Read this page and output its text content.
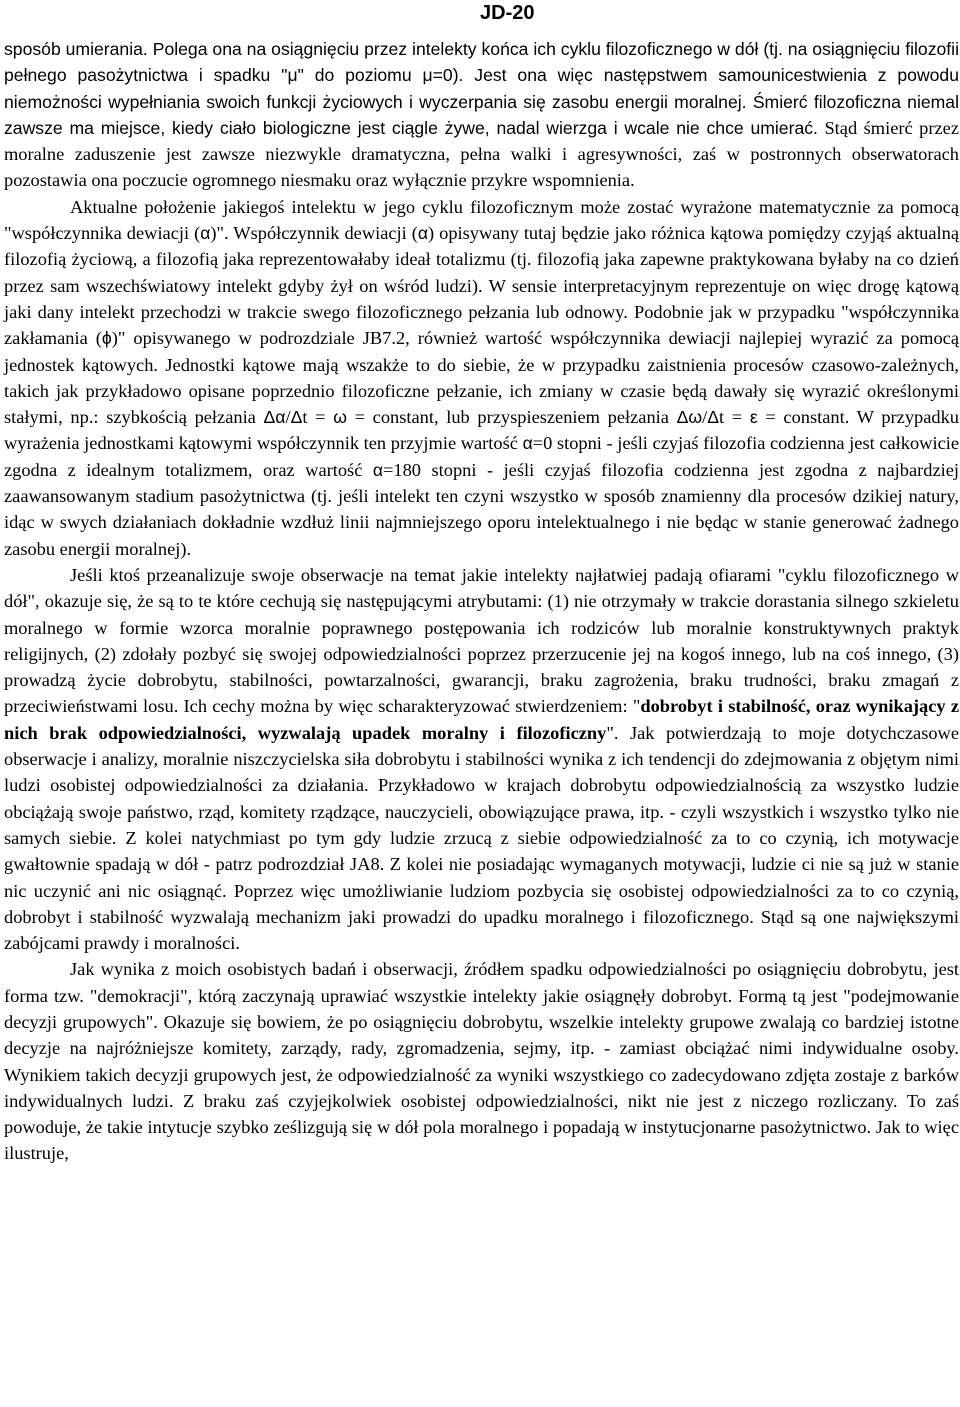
JD-20

sposób umierania. Polega ona na osiągnięciu przez intelekty końca ich cyklu filozoficznego w dół (tj. na osiągnięciu filozofii pełnego pasożytnictwa i spadku "μ" do poziomu μ=0). Jest ona więc następstwem samounicestwienia z powodu niemożności wypełniania swoich funkcji życiowych i wyczerpania się zasobu energii moralnej. Śmierć filozoficzna niemal zawsze ma miejsce, kiedy ciało biologiczne jest ciągle żywe, nadal wierzga i wcale nie chce umierać. Stąd śmierć przez moralne zaduszenie jest zawsze niezwykle dramatyczna, pełna walki i agresywności, zaś w postronnych obserwatorach pozostawia ona poczucie ogromnego niesmaku oraz wyłącznie przykre wspomnienia.

Aktualne położenie jakiegoś intelektu w jego cyklu filozoficznym może zostać wyrażone matematycznie za pomocą "współczynnika dewiacji (α)". Współczynnik dewiacji (α) opisywany tutaj będzie jako różnica kątowa pomiędzy czyjąś aktualną filozofią życiową, a filozofią jaka reprezentowałaby ideał totalizmu (tj. filozofią jaka zapewne praktykowana byłaby na co dzień przez sam wszechświatowy intelekt gdyby żył on wśród ludzi). W sensie interpretacyjnym reprezentuje on więc drogę kątową jaki dany intelekt przechodzi w trakcie swego filozoficznego pełzania lub odnowy. Podobnie jak w przypadku "współczynnika zakłamania (ϕ)" opisywanego w podrozdziale JB7.2, również wartość współczynnika dewiacji najlepiej wyrazić za pomocą jednostek kątowych. Jednostki kątowe mają wszakże to do siebie, że w przypadku zaistnienia procesów czasowo-zależnych, takich jak przykładowo opisane poprzednio filozoficzne pełzanie, ich zmiany w czasie będą dawały się wyrazić określonymi stałymi, np.: szybkością pełzania Δα/Δt = ω = constant, lub przyspieszeniem pełzania Δω/Δt = ε = constant. W przypadku wyrażenia jednostkami kątowymi współczynnik ten przyjmie wartość α=0 stopni - jeśli czyjaś filozofia codzienna jest całkowicie zgodna z idealnym totalizmem, oraz wartość α=180 stopni - jeśli czyjaś filozofia codzienna jest zgodna z najbardziej zaawansowanym stadium pasożytnictwa (tj. jeśli intelekt ten czyni wszystko w sposób znamienny dla procesów dzikiej natury, idąc w swych działaniach dokładnie wzdłuż linii najmniejszego oporu intelektualnego i nie będąc w stanie generować żadnego zasobu energii moralnej).

Jeśli ktoś przeanalizuje swoje obserwacje na temat jakie intelekty najłatwiej padają ofiarami "cyklu filozoficznego w dół", okazuje się, że są to te które cechują się następującymi atrybutami: (1) nie otrzymały w trakcie dorastania silnego szkieletu moralnego w formie wzorca moralnie poprawnego postępowania ich rodziców lub moralnie konstruktywnych praktyk religijnych, (2) zdołały pozbyć się swojej odpowiedzialności poprzez przerzucenie jej na kogoś innego, lub na coś innego, (3) prowadzą życie dobrobytu, stabilności, powtarzalności, gwarancji, braku zagrożenia, braku trudności, braku zmagań z przeciwieństwami losu. Ich cechy można by więc scharakteryzować stwierdzeniem: "dobrobyt i stabilność, oraz wynikający z nich brak odpowiedzialności, wyzwalają upadek moralny i filozoficzny". Jak potwierdzają to moje dotychczasowe obserwacje i analizy, moralnie niszczycielska siła dobrobytu i stabilności wynika z ich tendencji do zdejmowania z objętym nimi ludzi osobistej odpowiedzialności za działania. Przykładowo w krajach dobrobytu odpowiedzialnością za wszystko ludzie obciążają swoje państwo, rząd, komitety rządzące, nauczycieli, obowiązujące prawa, itp. - czyli wszystkich i wszystko tylko nie samych siebie. Z kolei natychmiast po tym gdy ludzie zrzucą z siebie odpowiedzialność za to co czynią, ich motywacje gwałtownie spadają w dół - patrz podrozdział JA8. Z kolei nie posiadając wymaganych motywacji, ludzie ci nie są już w stanie nic uczynić ani nic osiągnąć. Poprzez więc umożliwianie ludziom pozbycia się osobistej odpowiedzialności za to co czynią, dobrobyt i stabilność wyzwalają mechanizm jaki prowadzi do upadku moralnego i filozoficznego. Stąd są one największymi zabójcami prawdy i moralności.

Jak wynika z moich osobistych badań i obserwacji, źródłem spadku odpowiedzialności po osiągnięciu dobrobytu, jest forma tzw. "demokracji", którą zaczynają uprawiać wszystkie intelekty jakie osiągnęły dobrobyt. Formą tą jest "podejmowanie decyzji grupowych". Okazuje się bowiem, że po osiągnięciu dobrobytu, wszelkie intelekty grupowe zwalają co bardziej istotne decyzje na najróżniejsze komitety, zarządy, rady, zgromadzenia, sejmy, itp. - zamiast obciążać nimi indywidualne osoby. Wynikiem takich decyzji grupowych jest, że odpowiedzialność za wyniki wszystkiego co zadecydowano zdjęta zostaje z barków indywidualnych ludzi. Z braku zaś czyjejkolwiek osobistej odpowiedzialności, nikt nie jest z niczego rozliczany. To zaś powoduje, że takie intytucje szybko ześlizgują się w dół pola moralnego i popadają w instytucjonarne pasożytnictwo. Jak to więc ilustruje,
